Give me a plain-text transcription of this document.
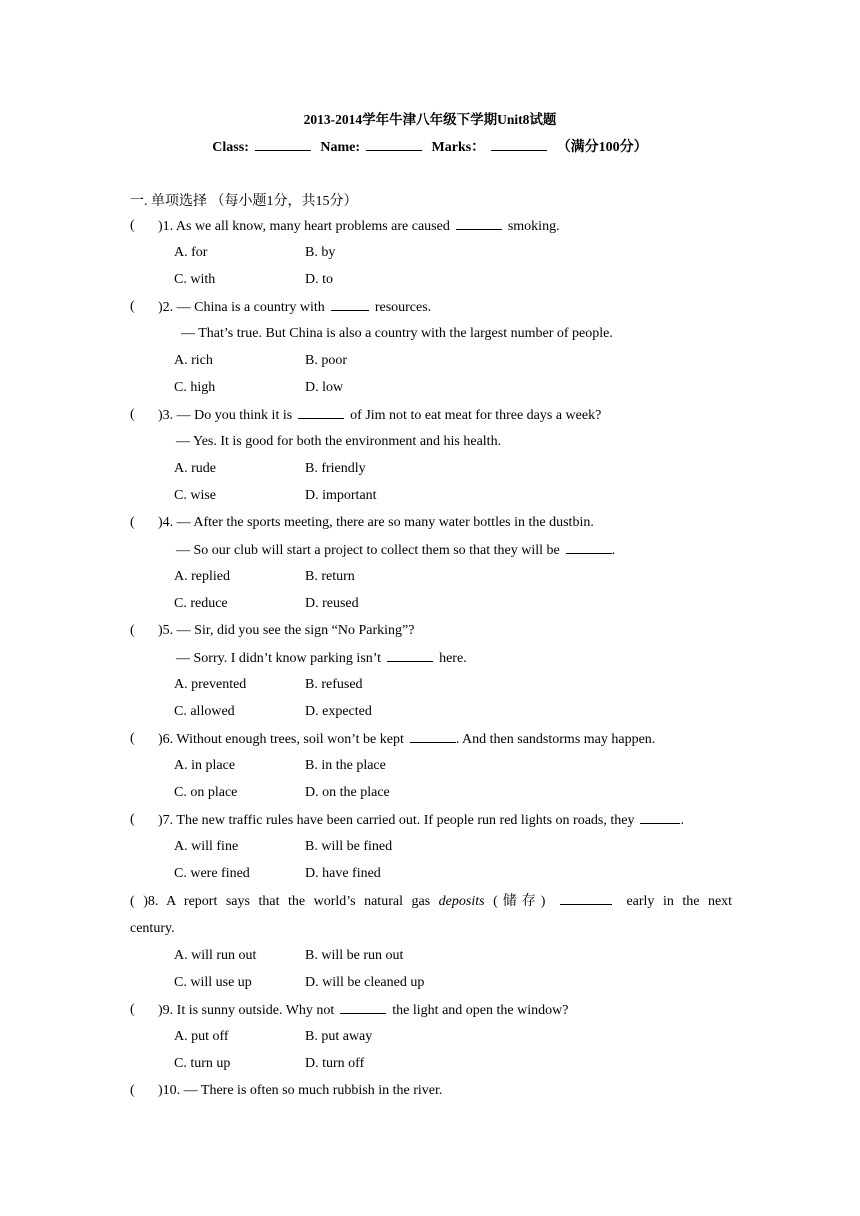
2013-2014学年牛津八年级下学期Unit8试题
Class:	Name:	Marks：	（满分100分）
一. 单项选择 （每小题1分，共15分）
( )1. As we all know, many heart problems are caused	smoking.
A. for	B. by
C. with	D. to
( )2. — China is a country with	resources.
— That’s true. But China is also a country with the largest number of people.
A. rich	B. poor
C. high	D. low
( )3. — Do you think it is	of Jim not to eat meat for three days a week?
— Yes. It is good for both the environment and his health.
A. rude	B. friendly
C. wise	D. important
( )4. — After the sports meeting, there are so many water bottles in the dustbin.
— So our club will start a project to collect them so that they will be	.
A. replied	B. return
C. reduce	D. reused
( )5. — Sir, did you see the sign “No Parking”?
— Sorry. I didn’t know parking isn’t	here.
A. prevented	B. refused
C. allowed	D. expected
( )6. Without enough trees, soil won’t be kept	. And then sandstorms may happen.
A. in place	B. in the place
C. on place	D. on the place
( )7. The new traffic rules have been carried out. If people run red lights on roads, they	.
A. will fine	B. will be fined
C. were fined	D. have fined
( )8. A report says that the world’s natural gas deposits (储存)	early in the next
century.
A. will run out	B. will be run out
C. will use up	D. will be cleaned up
( )9. It is sunny outside. Why not	the light and open the window?
A. put off	B. put away
C. turn up	D. turn off
( )10. — There is often so much rubbish in the river.
